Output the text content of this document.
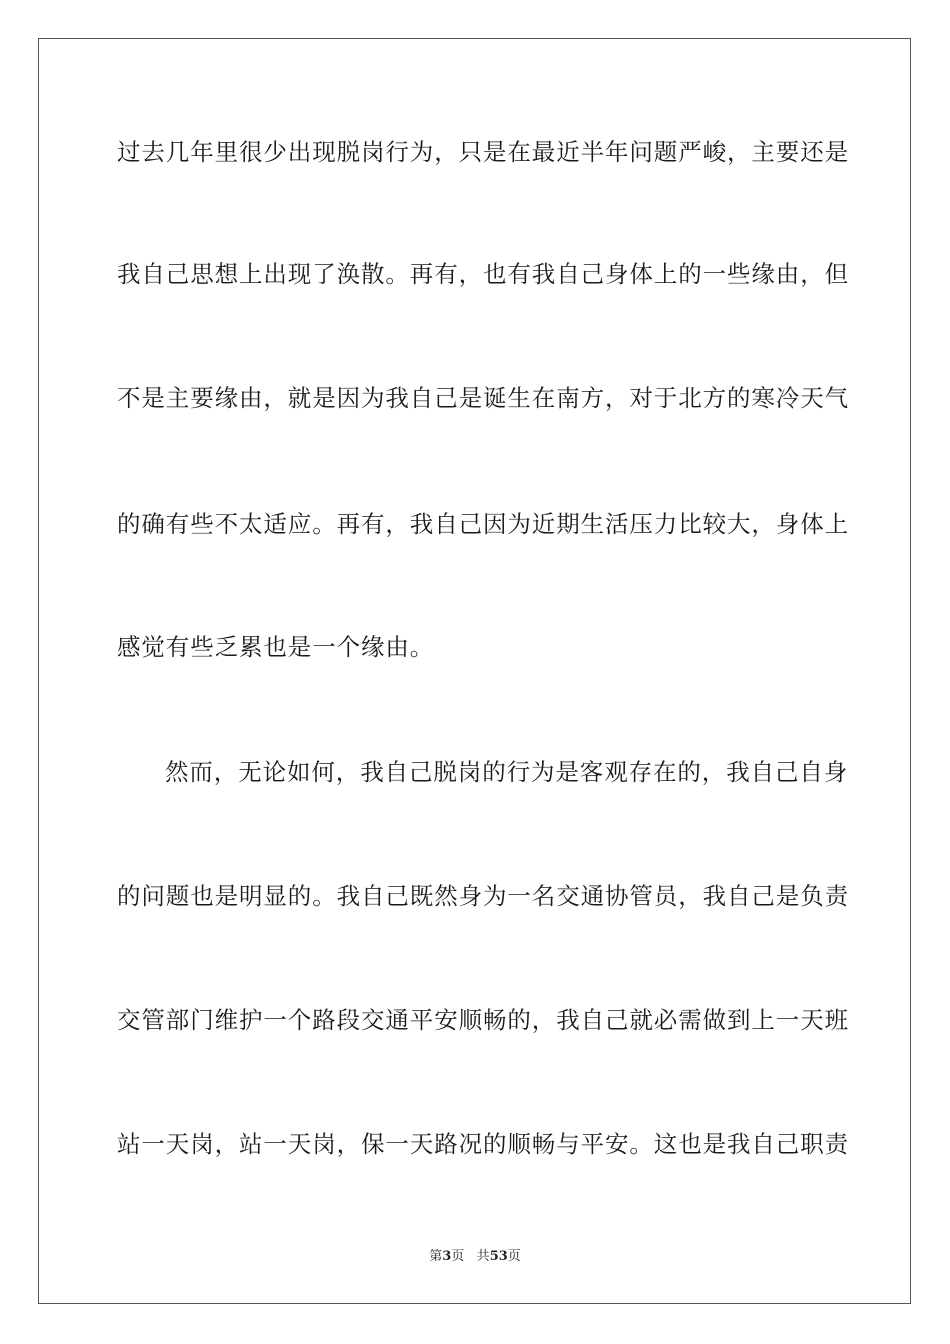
过去几年里很少出现脱岗行为，只是在最近半年问题严峻，主要还是
我自己思想上出现了涣散。再有，也有我自己身体上的一些缘由，但
不是主要缘由，就是因为我自己是诞生在南方，对于北方的寒冷天气
的确有些不太适应。再有，我自己因为近期生活压力比较大，身体上
感觉有些乏累也是一个缘由。
然而，无论如何，我自己脱岗的行为是客观存在的，我自己自身
的问题也是明显的。我自己既然身为一名交通协管员，我自己是负责
交管部门维护一个路段交通平安顺畅的，我自己就必需做到上一天班
站一天岗，站一天岗，保一天路况的顺畅与平安。这也是我自己职责
第3页 共53页
